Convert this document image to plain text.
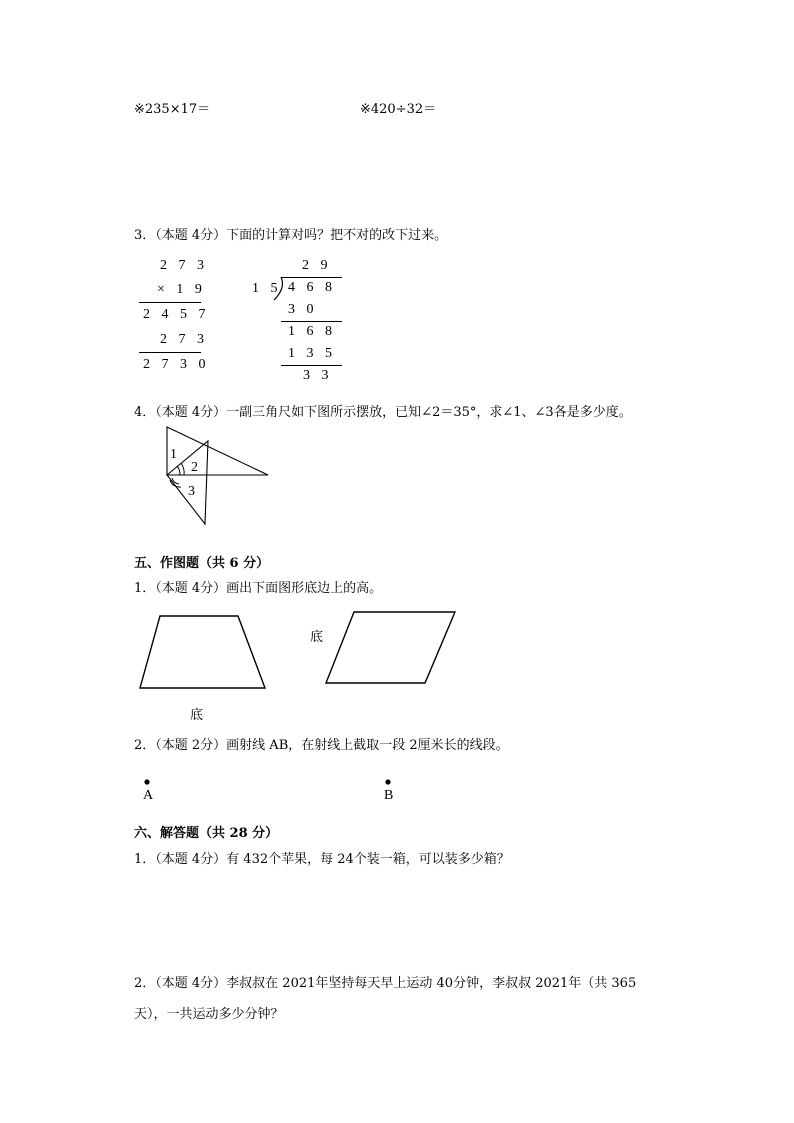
※235×17＝	※420÷32＝
3．（本题 4分）下面的计算对吗？把不对的改下过来。
2 7 3
× 1 9
2 4 5 7
2 7 3
2 7 3 0
2 9
1 5 4 6 8
3 0
1 6 8
1 3 5
3 3
4．（本题 4分）一副三角尺如下图所示摆放，已知∠2＝35°，求∠1、∠3各是多少度。
1
2
3
五、作图题（共 6 分）
1．（本题 4分）画出下面图形底边上的高。
底
底
2．（本题 2分）画射线 AB，在射线上截取一段 2厘米长的线段。
A	B
六、解答题（共 28 分）
1．（本题 4分）有 432个苹果，每 24个装一箱，可以装多少箱？
2．（本题 4分）李叔叔在 2021年坚持每天早上运动 40分钟，李叔叔 2021年（共 365
天），一共运动多少分钟？
